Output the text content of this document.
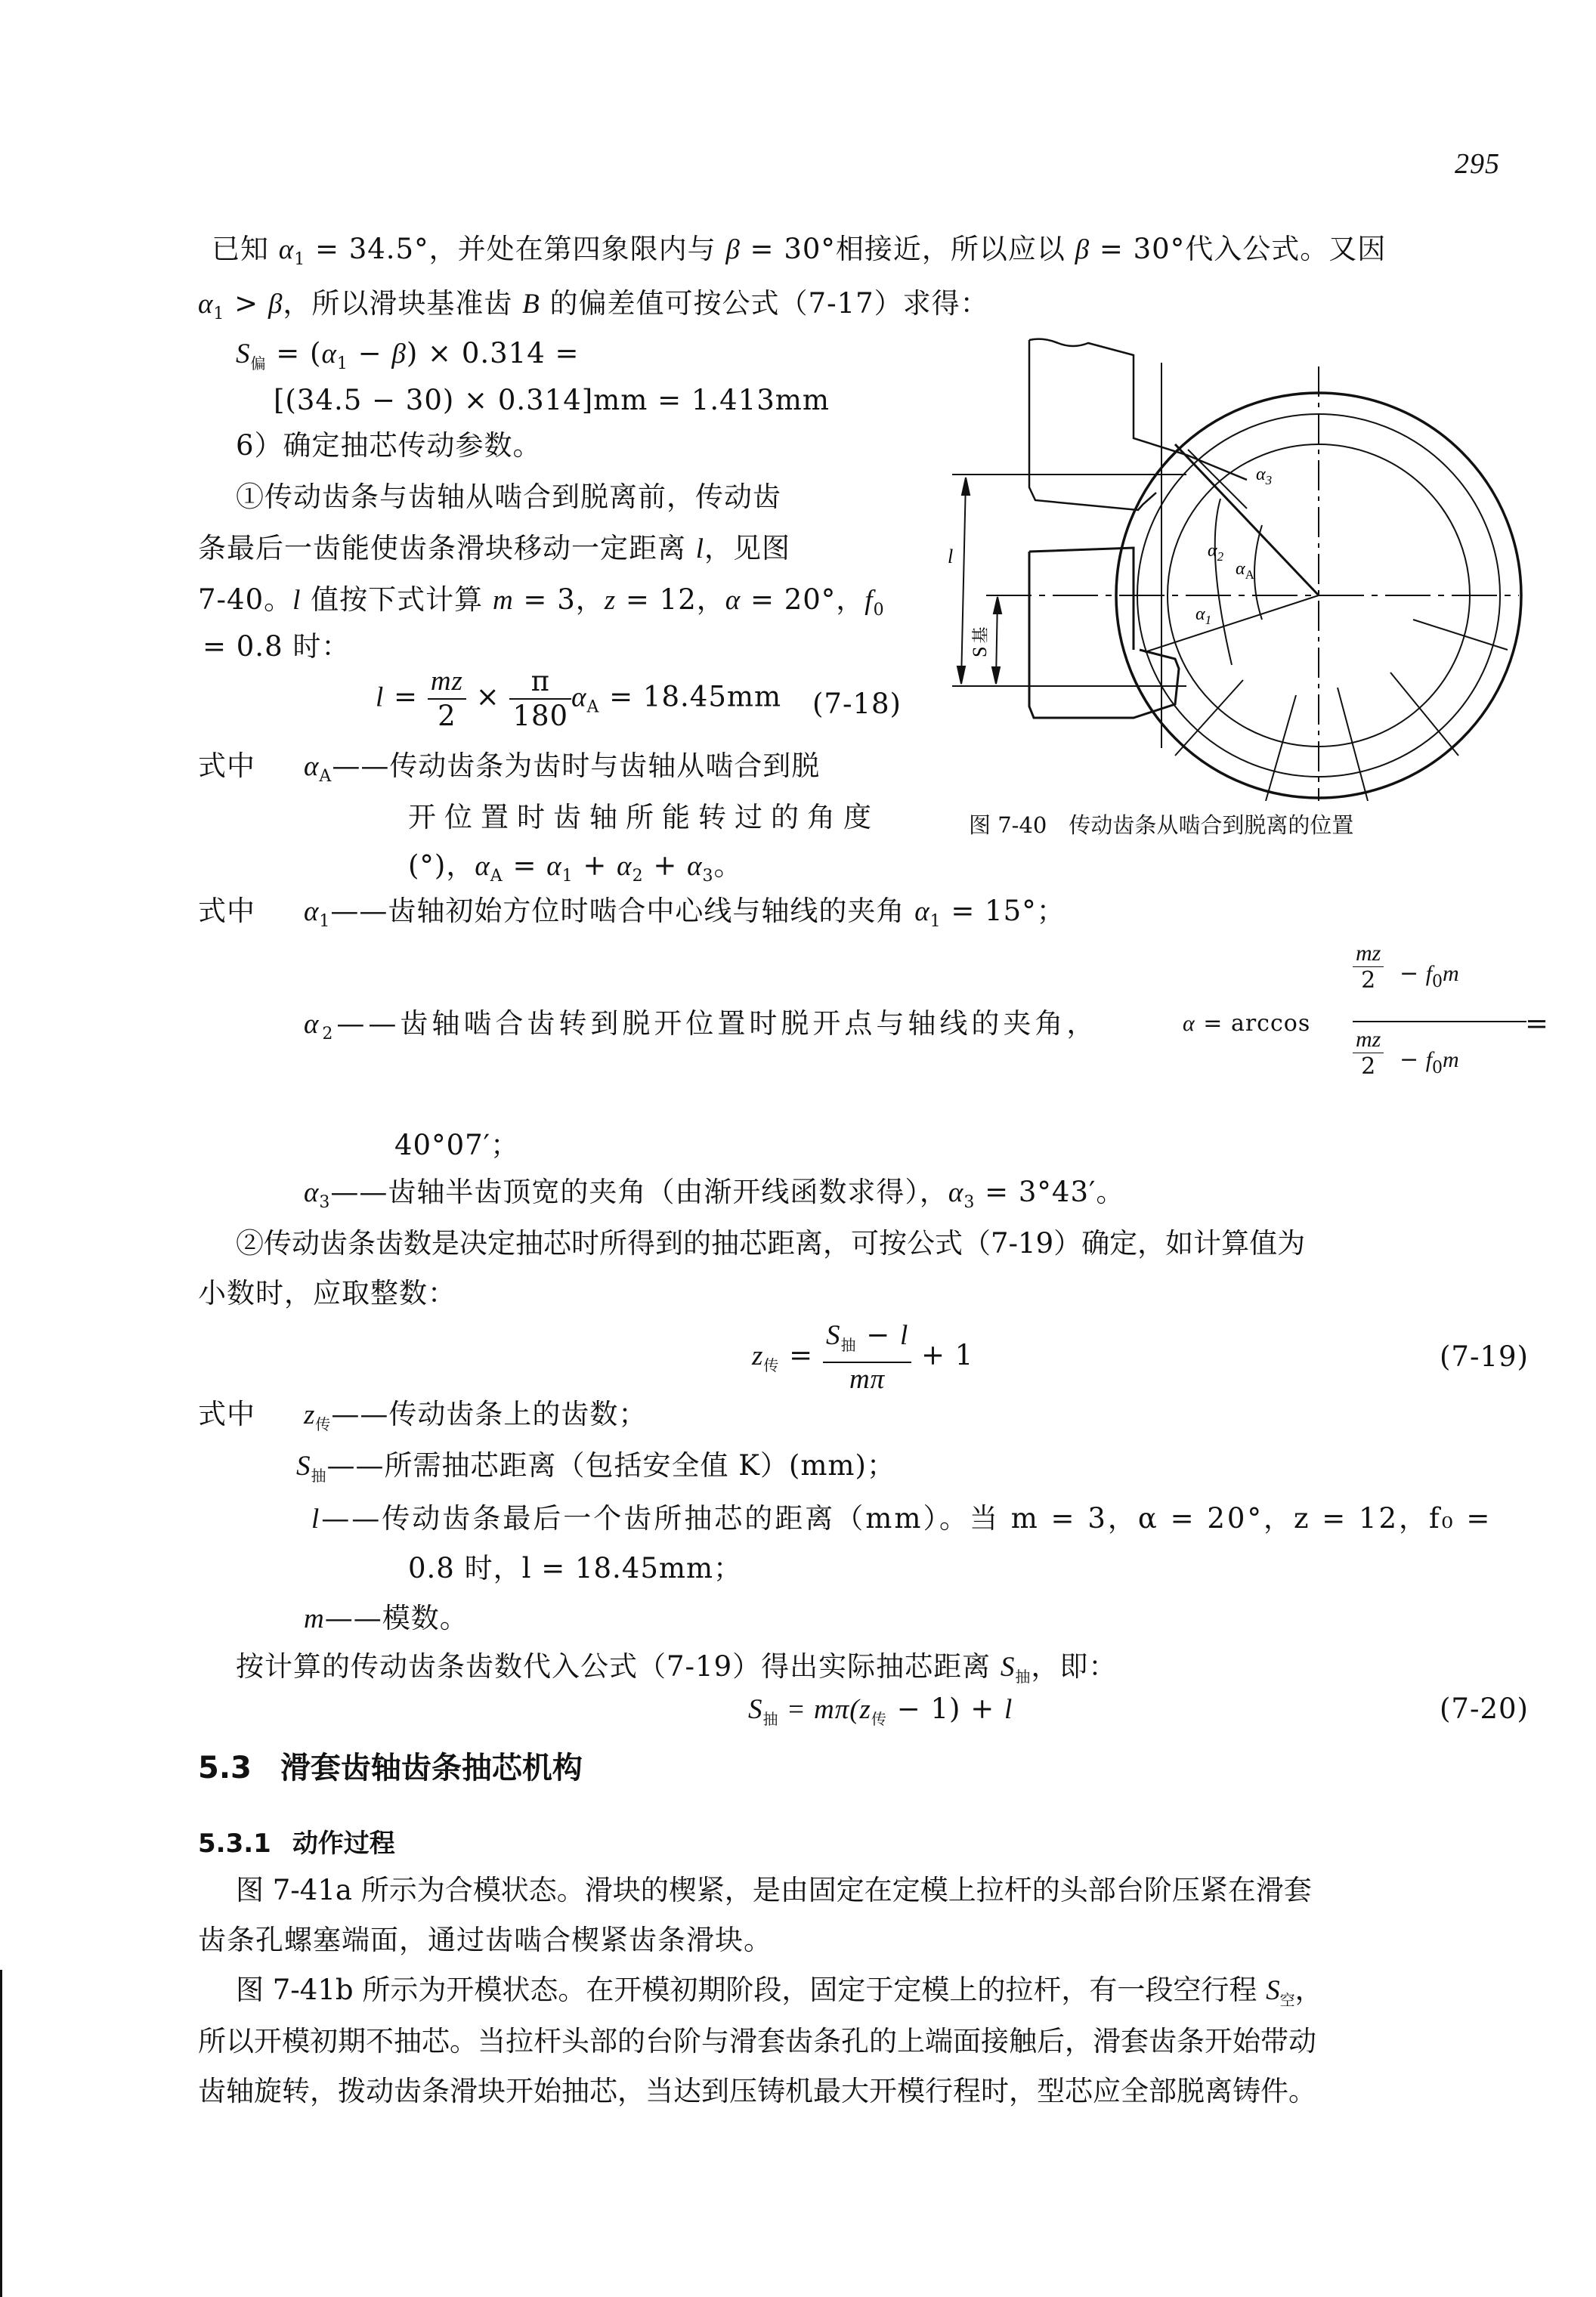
295
已知 $\alpha_1 = 34.5^\circ$，并处在第四象限内与 β = 30°相接近，所以应以 β = 30°代入公式。又因
$\alpha_1 > \beta$，所以滑块基准齿 B 的偏差值可按公式（7-17）求得：
$S_偏 = (\alpha_1 - \beta) \times 0.314$ =
[(34.5 − 30) × 0.314]mm = 1.413mm
6）确定抽芯传动参数。
①传动齿条与齿轴从啮合到脱离前，传动齿
条最后一齿能使齿条滑块移动一定距离 l，见图
7-40。l 值按下式计算 m = 3，z = 12，α = 20°，$f_0$
= 0.8 时：
$l = \frac{mz}{2} \times \frac{\pi}{180} \alpha_A = 18.45mm$ (7-18)
式中 $\alpha_A——$传动齿条为齿时与齿轴从啮合到脱
开位置时齿轴所能转过的角度
(°)，$\alpha_A = \alpha_1 + \alpha_2 + \alpha_3$。
式中 $\alpha_1——$齿轴初始方位时啮合中心线与轴线的夹角 $\alpha_1 = 15^\circ$；
$\alpha_2——$齿轴啮合齿转到脱开位置时脱开点与轴线的夹角，	α = arccos
$\frac{mz}{2} - f_0m$
$\frac{mz}{2} - f_0m$
=
40°07′；
$\alpha_3——$齿轴半齿顶宽的夹角（由渐开线函数求得），$\alpha_3 = 3^\circ 43'$。
②传动齿条齿数是决定抽芯时所得到的抽芯距离，可按公式（7-19）确定，如计算值为
小数时，应取整数：
$z_传 = \frac{S_抽 - l}{m\pi} + 1$	(7-19)
式中 $z_传——$传动齿条上的齿数；
$S_抽——$所需抽芯距离（包括安全值 K）(mm)；
l——传动齿条最后一个齿所抽芯的距离（mm）。当 m = 3，α = 20°，z = 12，f₀ =
0.8 时，l = 18.45mm；
m——模数。
按计算的传动齿条齿数代入公式（7-19）得出实际抽芯距离 $S_抽$，即：
$S_抽 = m\pi(z_传 - 1) + l$	(7-20)
5.3 滑套齿轴齿条抽芯机构
5.3.1 动作过程
图 7-41a 所示为合模状态。滑块的楔紧，是由固定在定模上拉杆的头部台阶压紧在滑套
齿条孔螺塞端面，通过齿啮合楔紧齿条滑块。
图 7-41b 所示为开模状态。在开模初期阶段，固定于定模上的拉杆，有一段空行程 $S_空$，
所以开模初期不抽芯。当拉杆头部的台阶与滑套齿条孔的上端面接触后，滑套齿条开始带动
齿轴旋转，拨动齿条滑块开始抽芯，当达到压铸机最大开模行程时，型芯应全部脱离铸件。
l
S基
$\alpha_3$
$\alpha_2$
$\alpha_A$
$\alpha_1$
图 7-40　传动齿条从啮合到脱离的位置
